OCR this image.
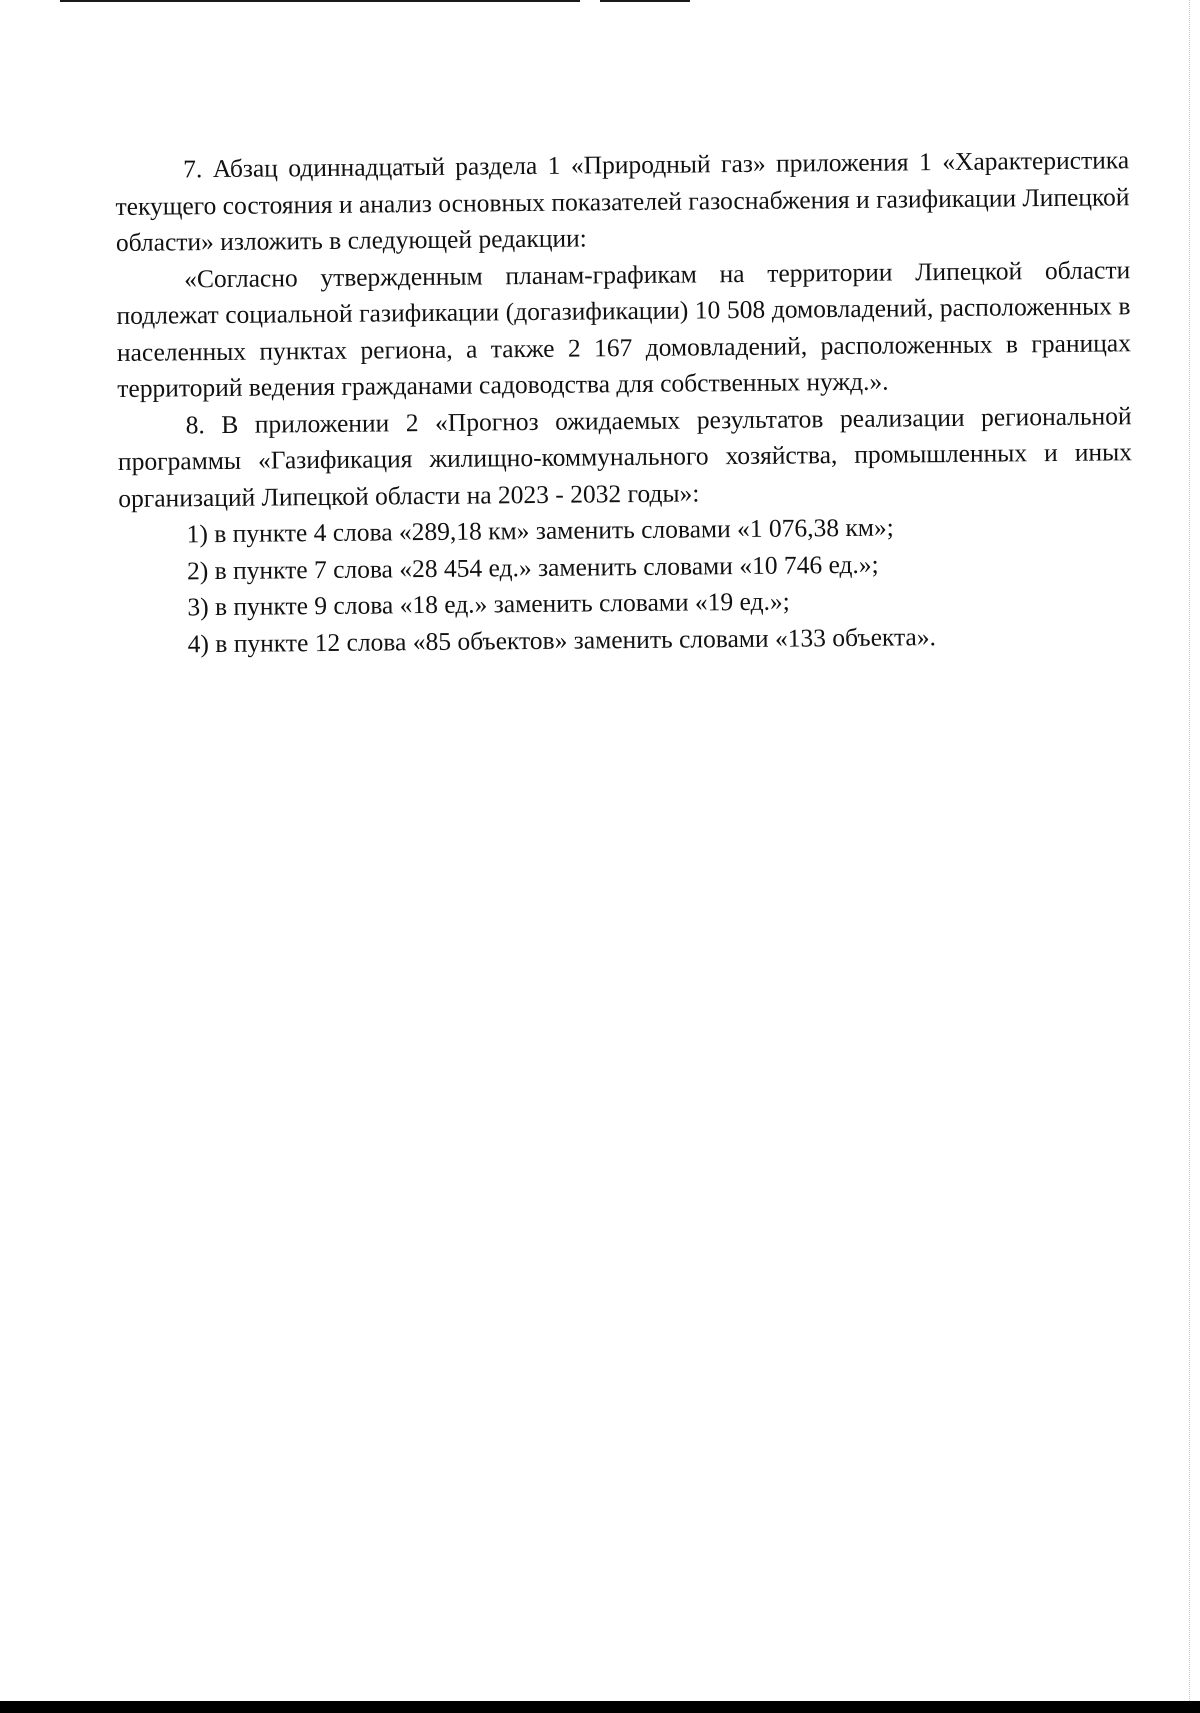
7. Абзац одиннадцатый раздела 1 «Природный газ» приложения 1 «Характеристика текущего состояния и анализ основных показателей газоснабжения и газификации Липецкой области» изложить в следующей редакции:

«Согласно утвержденным планам-графикам на территории Липецкой области подлежат социальной газификации (догазификации) 10 508 домовладений, расположенных в населенных пунктах региона, а также 2 167 домовладений, расположенных в границах территорий ведения гражданами садоводства для собственных нужд.».

8. В приложении 2 «Прогноз ожидаемых результатов реализации региональной программы «Газификация жилищно-коммунального хозяйства, промышленных и иных организаций Липецкой области на 2023 - 2032 годы»:

1) в пункте 4 слова «289,18 км» заменить словами «1 076,38 км»;

2) в пункте 7 слова «28 454 ед.» заменить словами «10 746 ед.»;

3) в пункте 9 слова «18 ед.» заменить словами «19 ед.»;

4) в пункте 12 слова «85 объектов» заменить словами «133 объекта».
